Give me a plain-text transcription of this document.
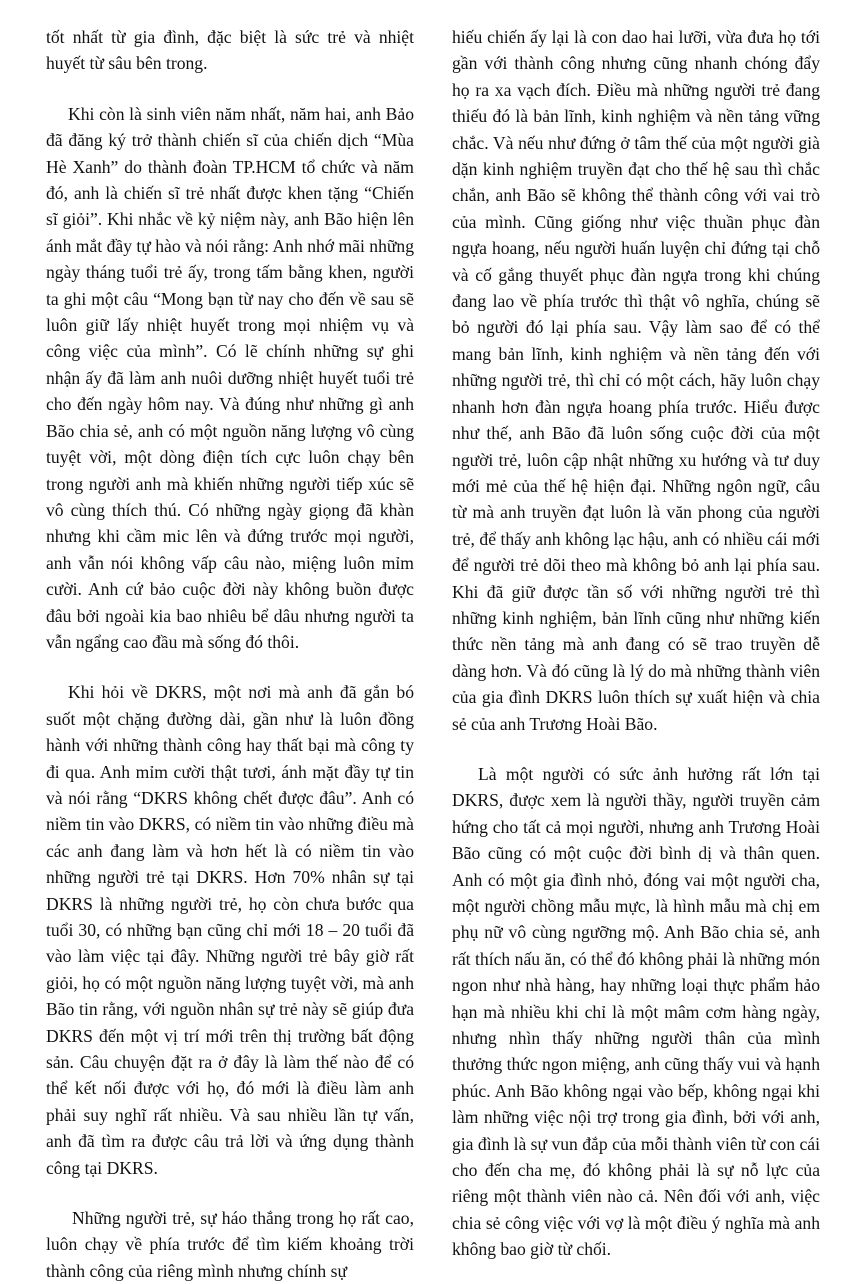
tốt nhất từ gia đình, đặc biệt là sức trẻ và nhiệt huyết từ sâu bên trong.

Khi còn là sinh viên năm nhất, năm hai, anh Bảo đã đăng ký trở thành chiến sĩ của chiến dịch “Mùa Hè Xanh” do thành đoàn TP.HCM tổ chức và năm đó, anh là chiến sĩ trẻ nhất được khen tặng “Chiến sĩ giỏi”. Khi nhắc về kỷ niệm này, anh Bão hiện lên ánh mắt đầy tự hào và nói rằng: Anh nhớ mãi những ngày tháng tuổi trẻ ấy, trong tấm bằng khen, người ta ghi một câu “Mong bạn từ nay cho đến về sau sẽ luôn giữ lấy nhiệt huyết trong mọi nhiệm vụ và công việc của mình”. Có lẽ chính những sự ghi nhận ấy đã làm anh nuôi dưỡng nhiệt huyết tuổi trẻ cho đến ngày hôm nay. Và đúng như những gì anh Bão chia sẻ, anh có một nguồn năng lượng vô cùng tuyệt vời, một dòng điện tích cực luôn chạy bên trong người anh mà khiến những người tiếp xúc sẽ vô cùng thích thú. Có những ngày giọng đã khàn nhưng khi cầm mic lên và đứng trước mọi người, anh vẫn nói không vấp câu nào, miệng luôn mỉm cười. Anh cứ bảo cuộc đời này không buồn được đâu bởi ngoài kia bao nhiêu bể dâu nhưng người ta vẫn ngẩng cao đầu mà sống đó thôi.

Khi hỏi về DKRS, một nơi mà anh đã gắn bó suốt một chặng đường dài, gần như là luôn đồng hành với những thành công hay thất bại mà công ty đi qua. Anh mỉm cười thật tươi, ánh mặt đầy tự tin và nói rằng “DKRS không chết được đâu”. Anh có niềm tin vào DKRS, có niềm tin vào những điều mà các anh đang làm và hơn hết là có niềm tin vào những người trẻ tại DKRS. Hơn 70% nhân sự tại DKRS là những người trẻ, họ còn chưa bước qua tuổi 30, có những bạn cũng chỉ mới 18 – 20 tuổi đã vào làm việc tại đây. Những người trẻ bây giờ rất giỏi, họ có một nguồn năng lượng tuyệt vời, mà anh Bão tin rằng, với nguồn nhân sự trẻ này sẽ giúp đưa DKRS đến một vị trí mới trên thị trường bất động sản. Câu chuyện đặt ra ở đây là làm thế nào để có thể kết nối được với họ, đó mới là điều làm anh phải suy nghĩ rất nhiều. Và sau nhiều lần tự vấn, anh đã tìm ra được câu trả lời và ứng dụng thành công tại DKRS.

Những người trẻ, sự háo thắng trong họ rất cao, luôn chạy về phía trước để tìm kiếm khoảng trời thành công của riêng mình nhưng chính sự

hiếu chiến ấy lại là con dao hai lưỡi, vừa đưa họ tới gần với thành công nhưng cũng nhanh chóng đẩy họ ra xa vạch đích. Điều mà những người trẻ đang thiếu đó là bản lĩnh, kinh nghiệm và nền tảng vững chắc. Và nếu như đứng ở tâm thế của một người già dặn kinh nghiệm truyền đạt cho thế hệ sau thì chắc chắn, anh Bão sẽ không thể thành công với vai trò của mình. Cũng giống như việc thuần phục đàn ngựa hoang, nếu người huấn luyện chỉ đứng tại chỗ và cố gắng thuyết phục đàn ngựa trong khi chúng đang lao về phía trước thì thật vô nghĩa, chúng sẽ bỏ người đó lại phía sau. Vậy làm sao để có thể mang bản lĩnh, kinh nghiệm và nền tảng đến với những người trẻ, thì chỉ có một cách, hãy luôn chạy nhanh hơn đàn ngựa hoang phía trước. Hiểu được như thế, anh Bão đã luôn sống cuộc đời của một người trẻ, luôn cập nhật những xu hướng và tư duy mới mẻ của thế hệ hiện đại. Những ngôn ngữ, câu từ mà anh truyền đạt luôn là văn phong của người trẻ, để thấy anh không lạc hậu, anh có nhiều cái mới để người trẻ dõi theo mà không bỏ anh lại phía sau. Khi đã giữ được tần số với những người trẻ thì những kinh nghiệm, bản lĩnh cũng như những kiến thức nền tảng mà anh đang có sẽ trao truyền dễ dàng hơn. Và đó cũng là lý do mà những thành viên của gia đình DKRS luôn thích sự xuất hiện và chia sẻ của anh Trương Hoài Bão.

Là một người có sức ảnh hưởng rất lớn tại DKRS, được xem là người thầy, người truyền cảm hứng cho tất cả mọi người, nhưng anh Trương Hoài Bão cũng có một cuộc đời bình dị và thân quen. Anh có một gia đình nhỏ, đóng vai một người cha, một người chồng mẫu mực, là hình mẫu mà chị em phụ nữ vô cùng ngưỡng mộ. Anh Bão chia sẻ, anh rất thích nấu ăn, có thể đó không phải là những món ngon như nhà hàng, hay những loại thực phẩm hảo hạn mà nhiều khi chỉ là một mâm cơm hàng ngày, nhưng nhìn thấy những người thân của mình thưởng thức ngon miệng, anh cũng thấy vui và hạnh phúc. Anh Bão không ngại vào bếp, không ngại khi làm những việc nội trợ trong gia đình, bởi với anh, gia đình là sự vun đắp của mỗi thành viên từ con cái cho đến cha mẹ, đó không phải là sự nỗ lực của riêng một thành viên nào cả. Nên đối với anh, việc chia sẻ công việc với vợ là một điều ý nghĩa mà anh không bao giờ từ chối.
